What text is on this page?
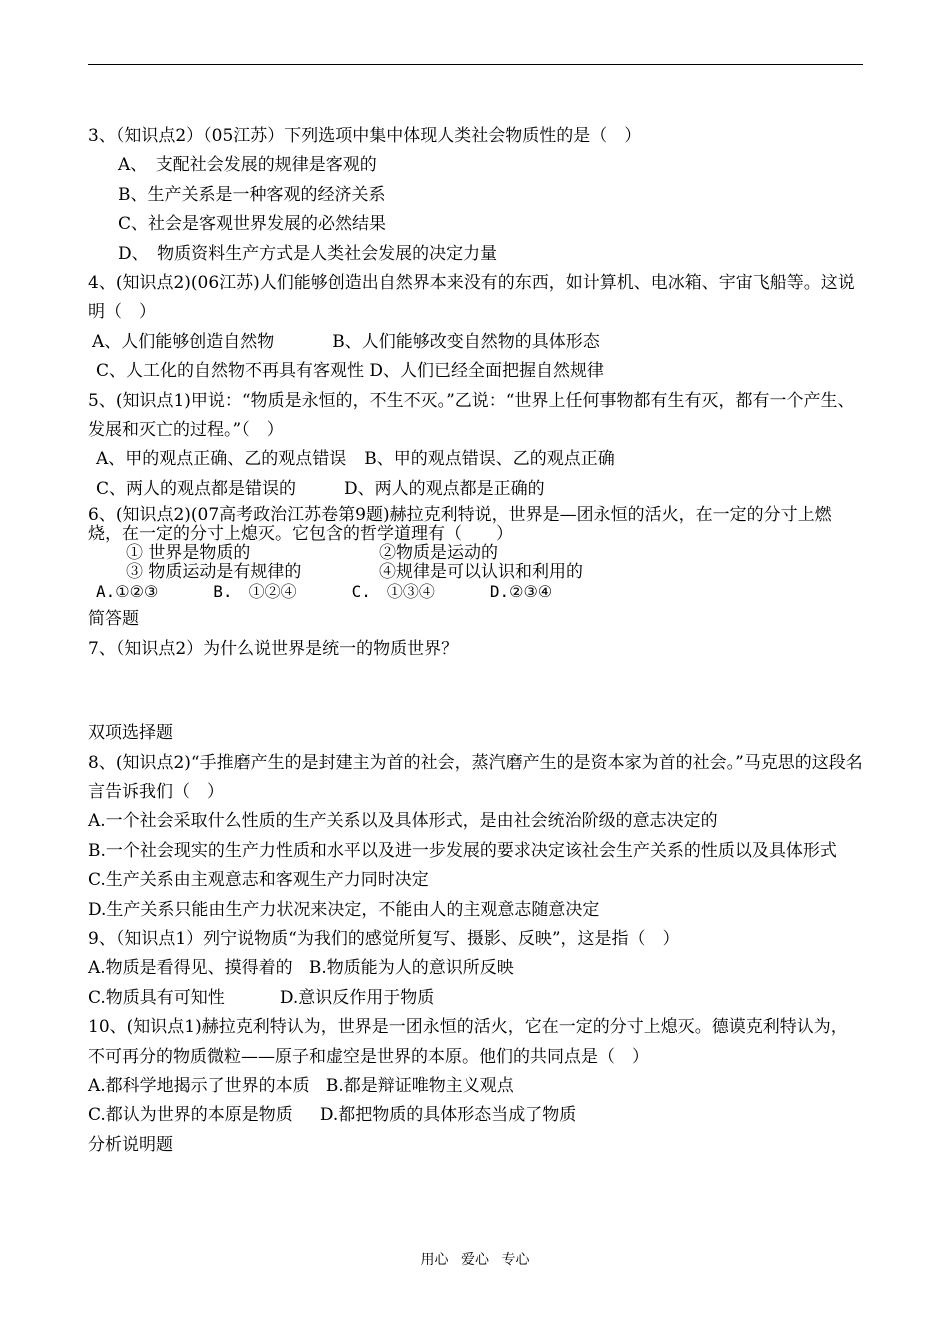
3、（知识点2）（05江苏）下列选项中集中体现人类社会物质性的是（　）
A、　支配社会发展的规律是客观的
B、生产关系是一种客观的经济关系
C、社会是客观世界发展的必然结果
D、　物质资料生产方式是人类社会发展的决定力量
4、(知识点2)(06江苏)人们能够创造出自然界本来没有的东西，如计算机、电冰箱、宇宙飞船等。这说明（　）
A、人们能够创造自然物	B、人们能够改变自然物的具体形态
C、人工化的自然物不再具有客观性 D、人们已经全面把握自然规律
5、(知识点1)甲说：“物质是永恒的，不生不灭。”乙说：“世界上任何事物都有生有灭，都有一个产生、发展和灭亡的过程。”（　）
A、甲的观点正确、乙的观点错误 B、甲的观点错误、乙的观点正确
C、两人的观点都是错误的	D、两人的观点都是正确的
6、(知识点2)(07高考政治江苏卷第9题)赫拉克利特说，世界是—团永恒的活火，在一定的分寸上燃烧，在一定的分寸上熄灭。它包含的哲学道理有（　　）
① 世界是物质的	②物质是运动的
③ 物质运动是有规律的	④规律是可以认识和利用的
A.①②③	B.　①②④	C.　①③④	D.②③④
简答题
7、（知识点2）为什么说世界是统一的物质世界？
双项选择题
8、(知识点2)“手推磨产生的是封建主为首的社会，蒸汽磨产生的是资本家为首的社会。”马克思的这段名言告诉我们（　）
A.一个社会采取什么性质的生产关系以及具体形式，是由社会统治阶级的意志决定的
B.一个社会现实的生产力性质和水平以及进一步发展的要求决定该社会生产关系的性质以及具体形式
C.生产关系由主观意志和客观生产力同时决定
D.生产关系只能由生产力状况来决定，不能由人的主观意志随意决定
9、（知识点1）列宁说物质“为我们的感觉所复写、摄影、反映”，这是指（　）
A.物质是看得见、摸得着的 B.物质能为人的意识所反映
C.物质具有可知性	D.意识反作用于物质
10、(知识点1)赫拉克利特认为，世界是一团永恒的活火，它在一定的分寸上熄灭。德谟克利特认为，不可再分的物质微粒——原子和虚空是世界的本原。他们的共同点是（　）
A.都科学地揭示了世界的本质 B.都是辩证唯物主义观点
C.都认为世界的本原是物质 D.都把物质的具体形态当成了物质
分析说明题
用心 爱心 专心
